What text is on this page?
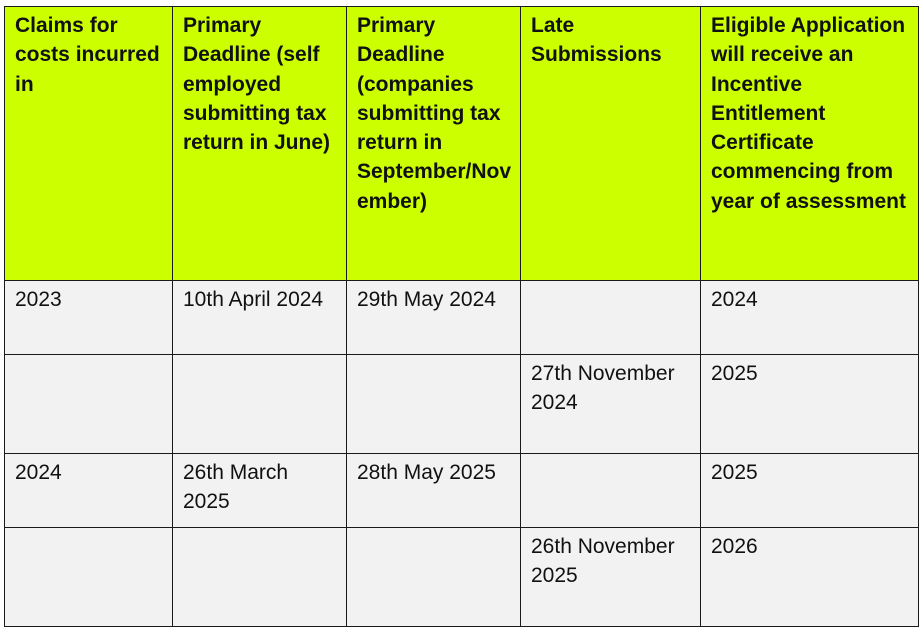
Claims for costs incurred in	Primary Deadline (self employed submitting tax return in June)	Primary Deadline (companies submitting tax return in September/November)	Late Submissions	Eligible Application will receive an Incentive Entitlement Certificate commencing from year of assessment
2023	10th April 2024	29th May 2024		2024
			27th November 2024	2025
2024	26th March 2025	28th May 2025		2025
			26th November 2025	2026
